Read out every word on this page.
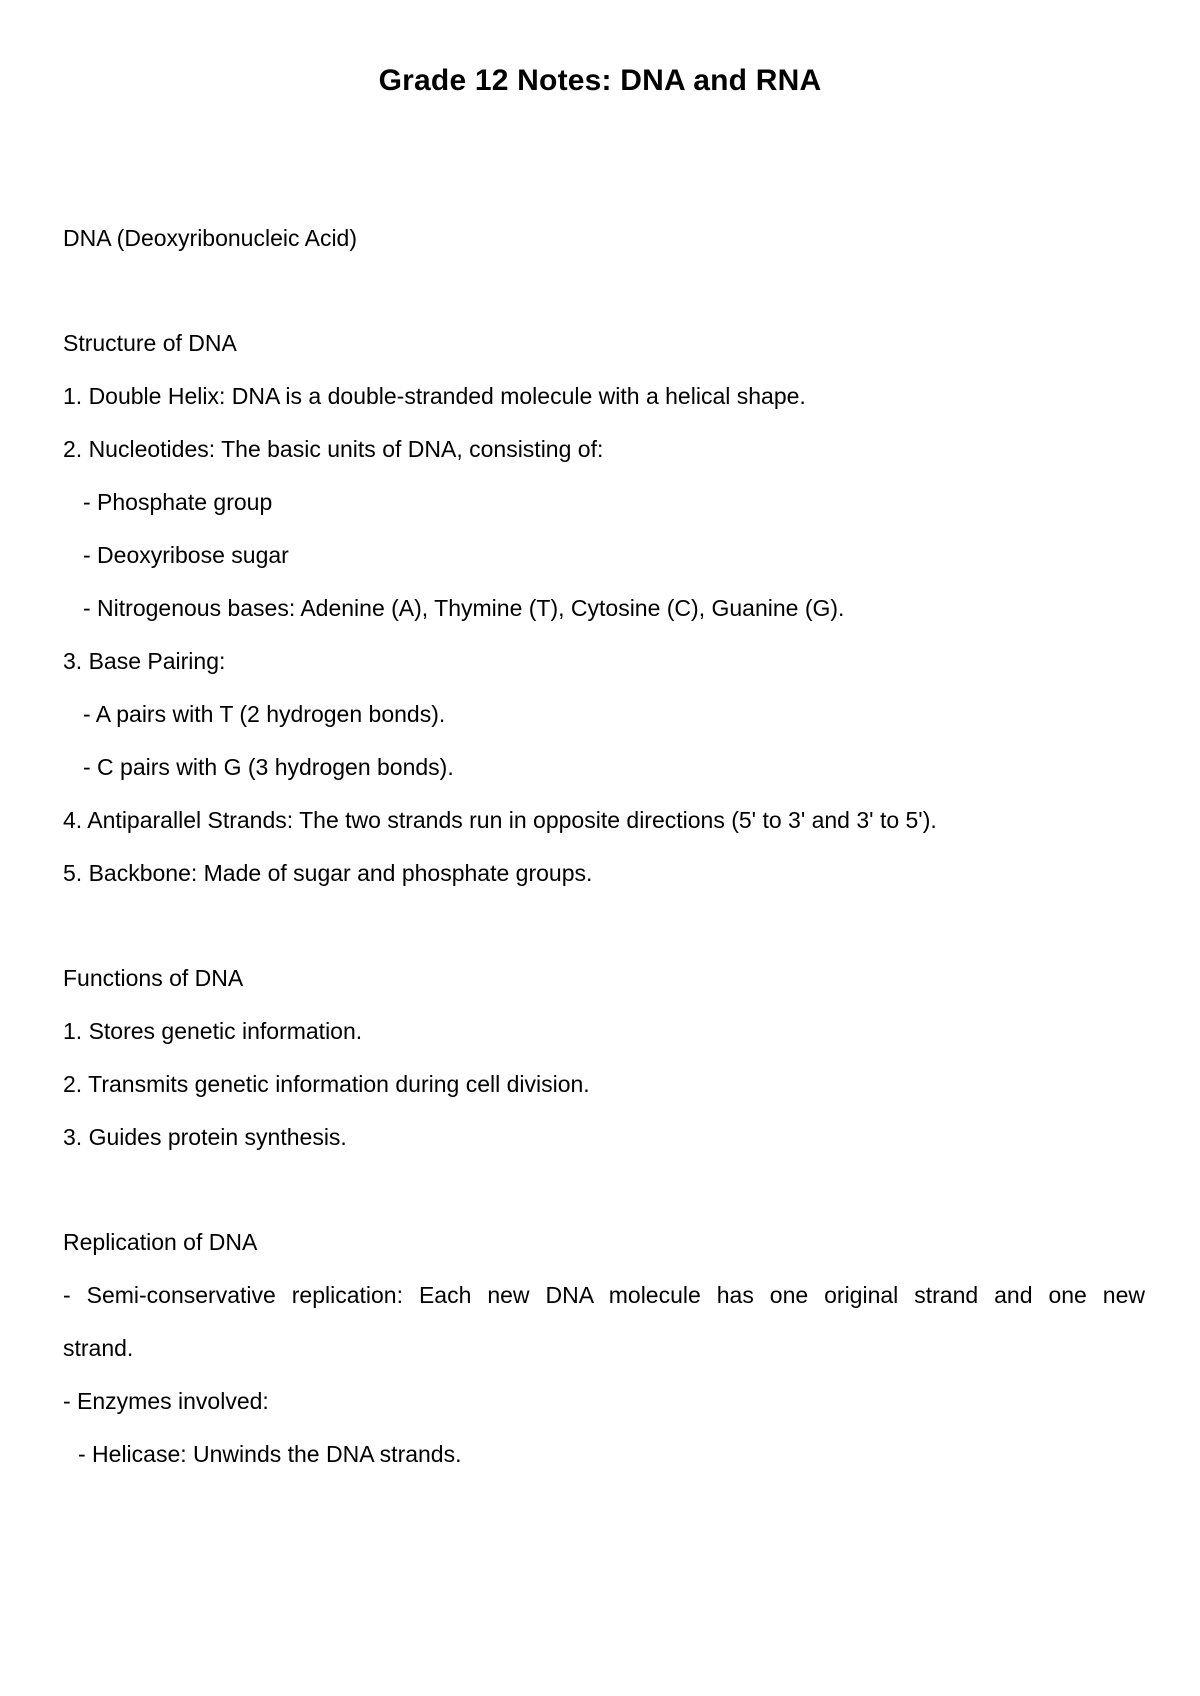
Grade 12 Notes: DNA and RNA
DNA (Deoxyribonucleic Acid)
Structure of DNA
1. Double Helix: DNA is a double-stranded molecule with a helical shape.
2. Nucleotides: The basic units of DNA, consisting of:
- Phosphate group
- Deoxyribose sugar
- Nitrogenous bases: Adenine (A), Thymine (T), Cytosine (C), Guanine (G).
3. Base Pairing:
- A pairs with T (2 hydrogen bonds).
- C pairs with G (3 hydrogen bonds).
4. Antiparallel Strands: The two strands run in opposite directions (5' to 3' and 3' to 5').
5. Backbone: Made of sugar and phosphate groups.
Functions of DNA
1. Stores genetic information.
2. Transmits genetic information during cell division.
3. Guides protein synthesis.
Replication of DNA
- Semi-conservative replication: Each new DNA molecule has one original strand and one new
strand.
- Enzymes involved:
- Helicase: Unwinds the DNA strands.
